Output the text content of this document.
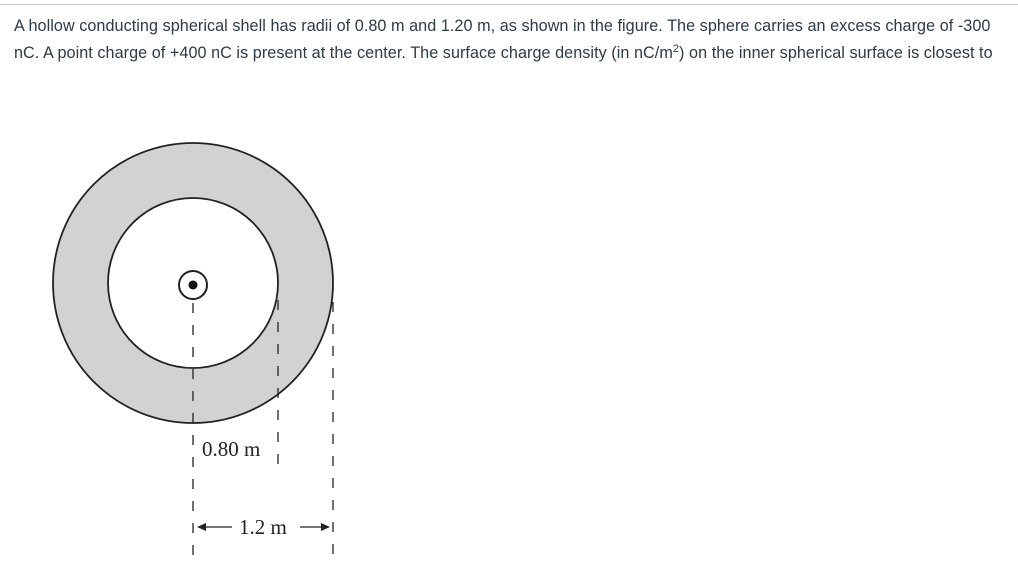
A hollow conducting spherical shell has radii of 0.80 m and 1.20 m, as shown in the figure. The sphere carries an excess charge of -300 nC. A point charge of +400 nC is present at the center. The surface charge density (in $nC/m^2$) on the inner spherical surface is closest to
0.80 m
1.2 m
